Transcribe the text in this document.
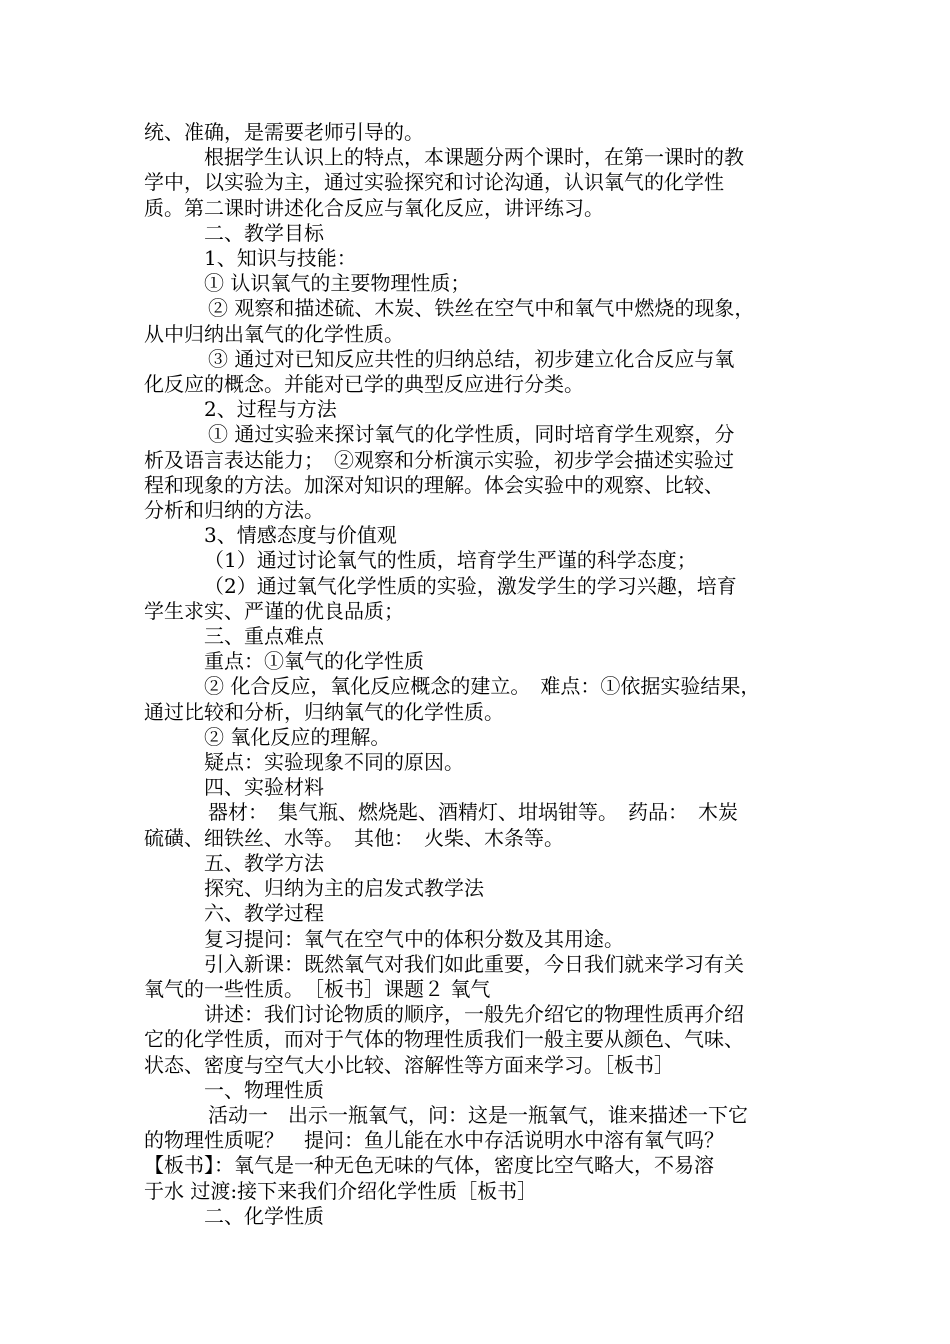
统、准确，是需要老师引导的。

根据学生认识上的特点，本课题分两个课时，在第一课时的教

学中，以实验为主，通过实验探究和讨论沟通，认识氧气的化学性

质。第二课时讲述化合反应与氧化反应，讲评练习。

二、教学目标

1、知识与技能：

① 认识氧气的主要物理性质；

② 观察和描述硫、木炭、铁丝在空气中和氧气中燃烧的现象，

从中归纳出氧气的化学性质。

③ 通过对已知反应共性的归纳总结，初步建立化合反应与氧

化反应的概念。并能对已学的典型反应进行分类。

2、过程与方法

① 通过实验来探讨氧气的化学性质，同时培育学生观察，分

析及语言表达能力；　②观察和分析演示实验，初步学会描述实验过

程和现象的方法。加深对知识的理解。体会实验中的观察、比较、

分析和归纳的方法。

3、情感态度与价值观

（1）通过讨论氧气的性质，培育学生严谨的科学态度；

（2）通过氧气化学性质的实验，激发学生的学习兴趣，培育

学生求实、严谨的优良品质；

三、重点难点

重点：①氧气的化学性质

② 化合反应，氧化反应概念的建立。　难点：①依据实验结果，

通过比较和分析，归纳氧气的化学性质。

② 氧化反应的理解。

疑点：实验现象不同的原因。

四、实验材料

器材：　集气瓶、燃烧匙、酒精灯、坩埚钳等。　药品：　木炭

硫磺、细铁丝、水等。　其他：　火柴、木条等。

五、教学方法

探究、归纳为主的启发式教学法

六、教学过程

复习提问：氧气在空气中的体积分数及其用途。

引入新课：既然氧气对我们如此重要，今日我们就来学习有关

氧气的一些性质。　［板书］课题２ 氧气

讲述：我们讨论物质的顺序，一般先介绍它的物理性质再介绍

它的化学性质，而对于气体的物理性质我们一般主要从颜色、气味、

状态、密度与空气大小比较、溶解性等方面来学习。［板书］

一、物理性质

活动一　出示一瓶氧气，问：这是一瓶氧气，谁来描述一下它

的物理性质呢？　提问：鱼儿能在水中存活说明水中溶有氧气吗？

【板书】：氧气是一种无色无味的气体，密度比空气略大，不易溶

于水 过渡:接下来我们介绍化学性质［板书］

二、化学性质
